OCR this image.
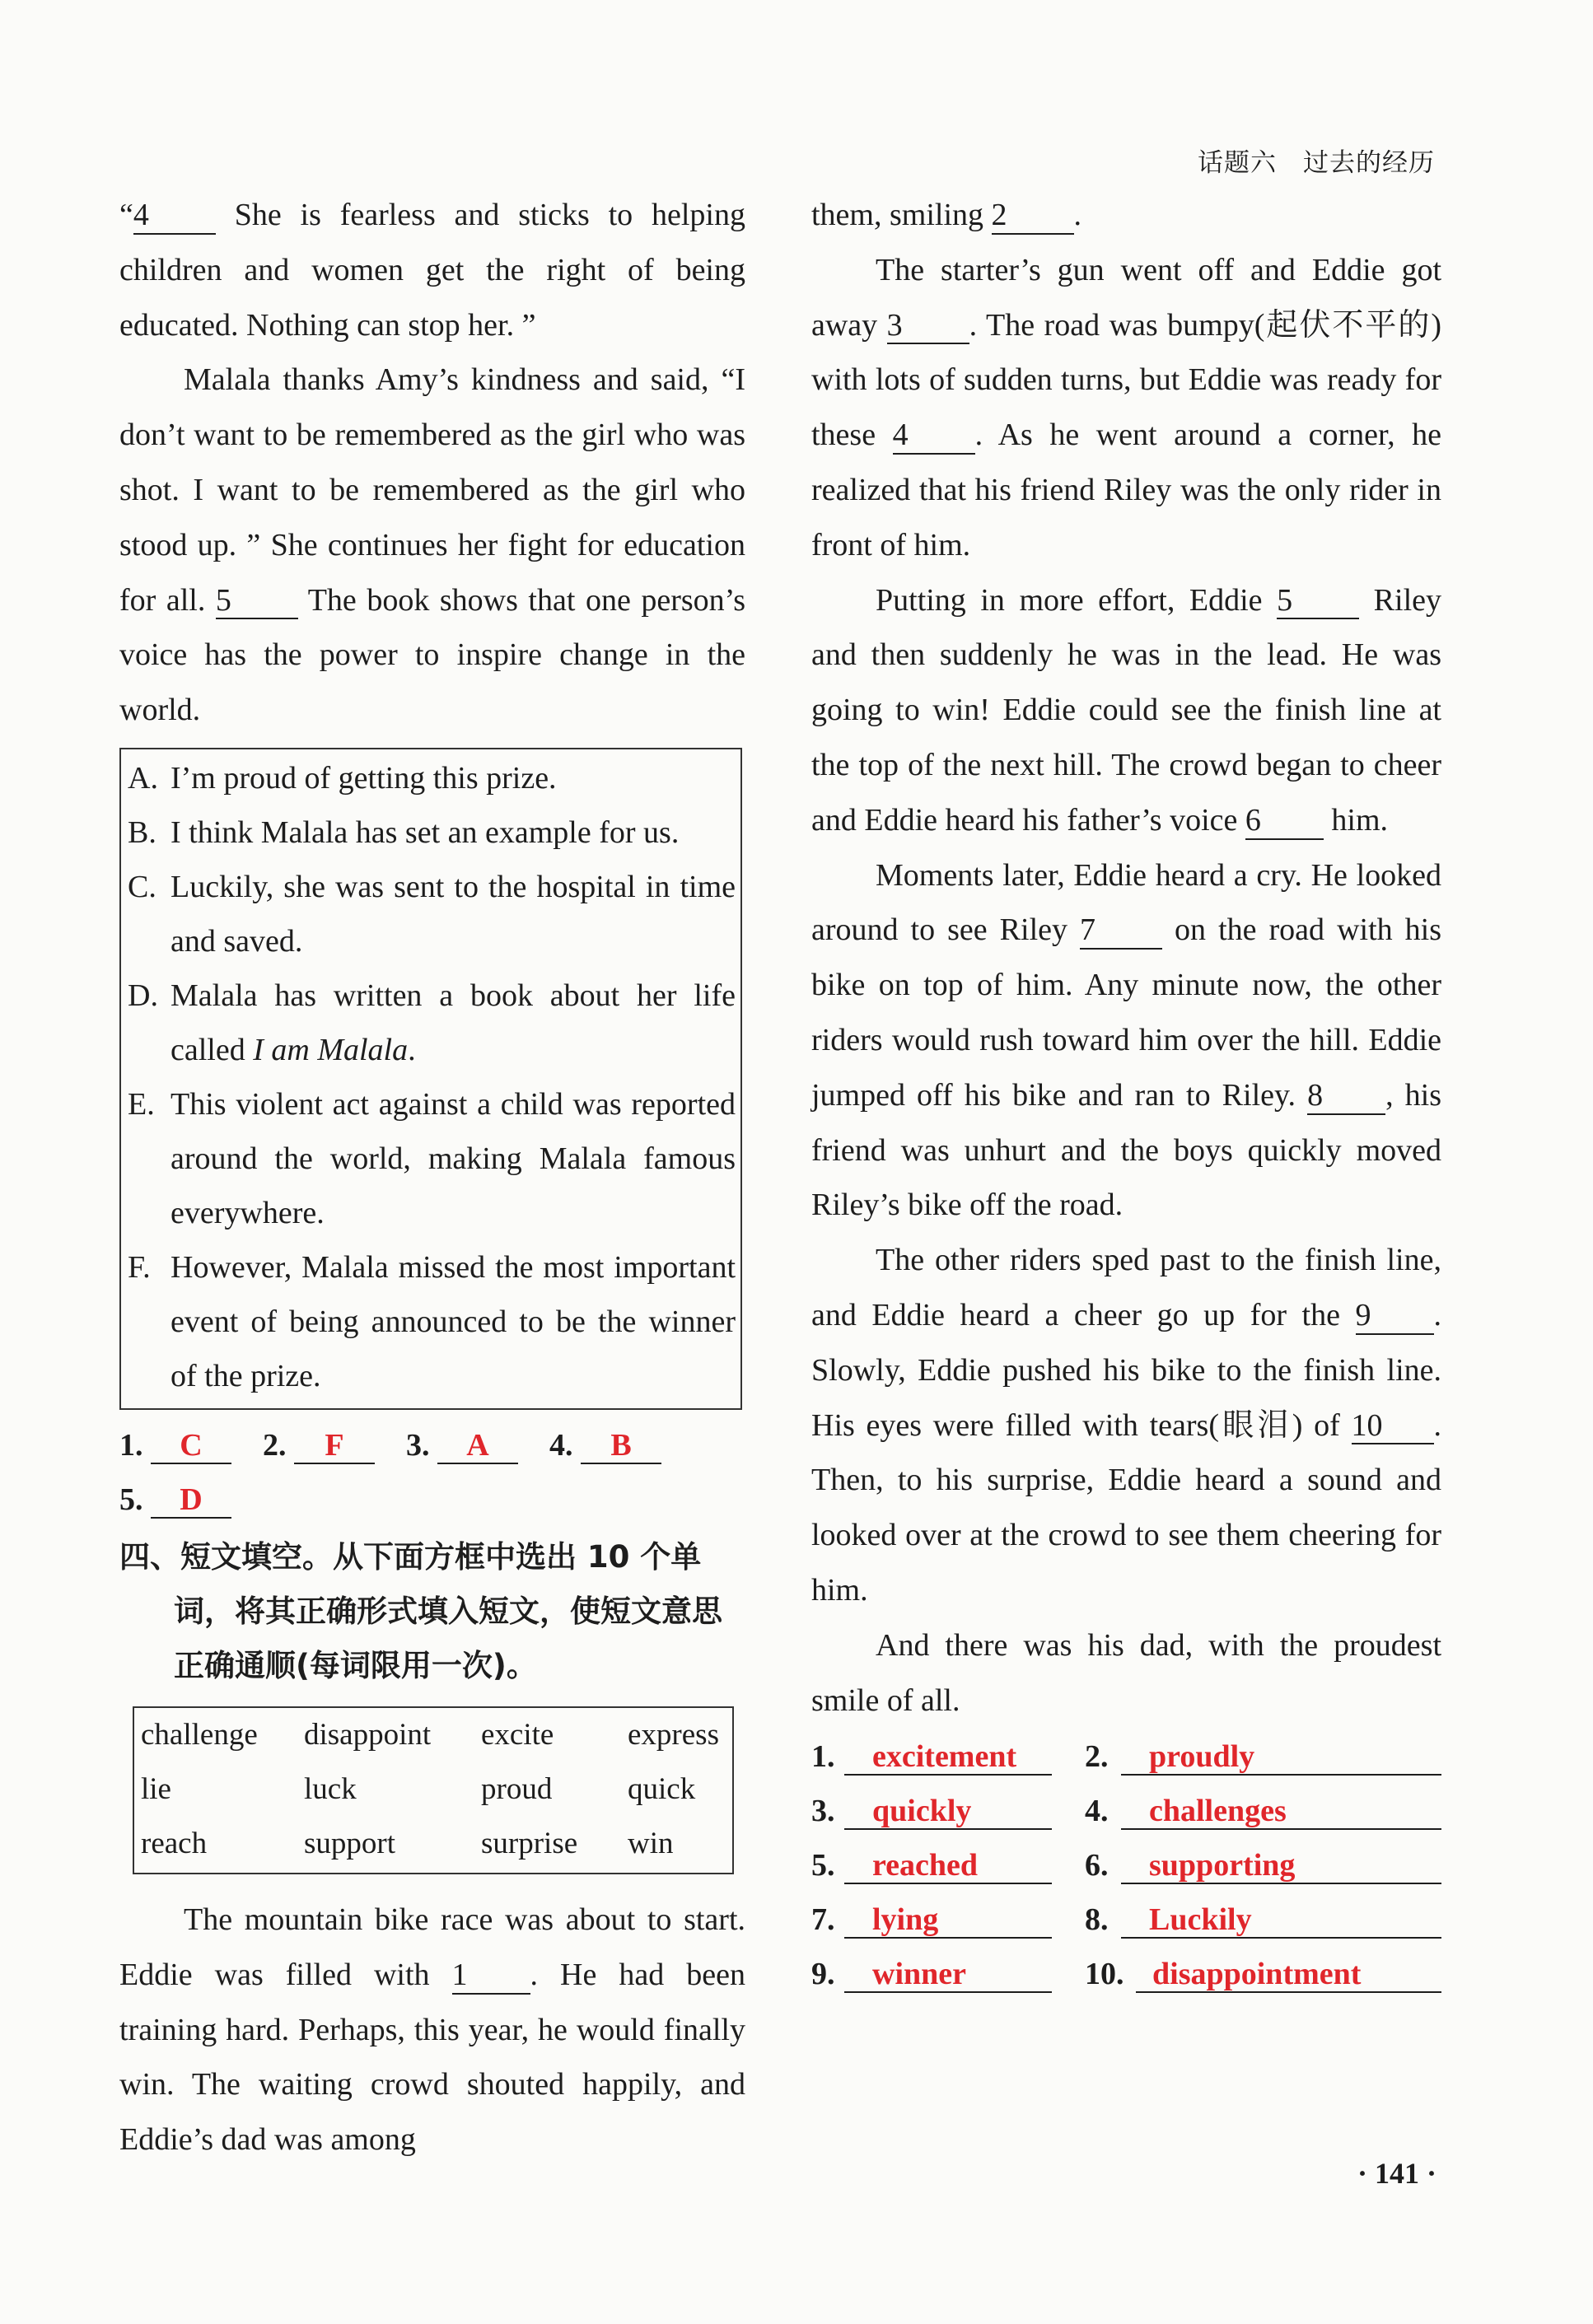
话题六　过去的经历

“4 She is fearless and sticks to helping children and women get the right of being educated. Nothing can stop her. ”

Malala thanks Amy’s kindness and said, “I don’t want to be remembered as the girl who was shot. I want to be remembered as the girl who stood up. ” She continues her fight for education for all. 5 The book shows that one person’s voice has the power to inspire change in the world.

A. I’m proud of getting this prize.
B. I think Malala has set an example for us.
C. Luckily, she was sent to the hospital in time and saved.
D. Malala has written a book about her life called I am Malala.
E. This violent act against a child was reported around the world, making Malala famous everywhere.
F. However, Malala missed the most important event of being announced to be the winner of the prize.
1. C 2. F 3. A 4. B
5. D
四、短文填空。从下面方框中选出 10 个单词，将其正确形式填入短文，使短文意思正确通顺(每词限用一次)。
challenge	disappoint	excite	express
lie	luck	proud	quick
reach	support	surprise	win

The mountain bike race was about to start. Eddie was filled with 1 . He had been training hard. Perhaps, this year, he would finally win. The waiting crowd shouted happily, and Eddie’s dad was among

them, smiling 2 .

The starter’s gun went off and Eddie got away 3 . The road was bumpy(起伏不平的) with lots of sudden turns, but Eddie was ready for these 4 . As he went around a corner, he realized that his friend Riley was the only rider in front of him.

Putting in more effort, Eddie 5 Riley and then suddenly he was in the lead. He was going to win! Eddie could see the finish line at the top of the next hill. The crowd began to cheer and Eddie heard his father’s voice 6 him.

Moments later, Eddie heard a cry. He looked around to see Riley 7 on the road with his bike on top of him. Any minute now, the other riders would rush toward him over the hill. Eddie jumped off his bike and ran to Riley. 8 , his friend was unhurt and the boys quickly moved Riley’s bike off the road.

The other riders sped past to the finish line, and Eddie heard a cheer go up for the 9 . Slowly, Eddie pushed his bike to the finish line. His eyes were filled with tears(眼泪) of 10 . Then, to his surprise, Eddie heard a sound and looked over at the crowd to see them cheering for him.

And there was his dad, with the proudest smile of all.

1.	excitement	2.	proudly
3.	quickly	4.	challenges
5.	reached	6.	supporting
7.	lying	8.	Luckily
9.	winner	10. disappointment
· 141 ·
